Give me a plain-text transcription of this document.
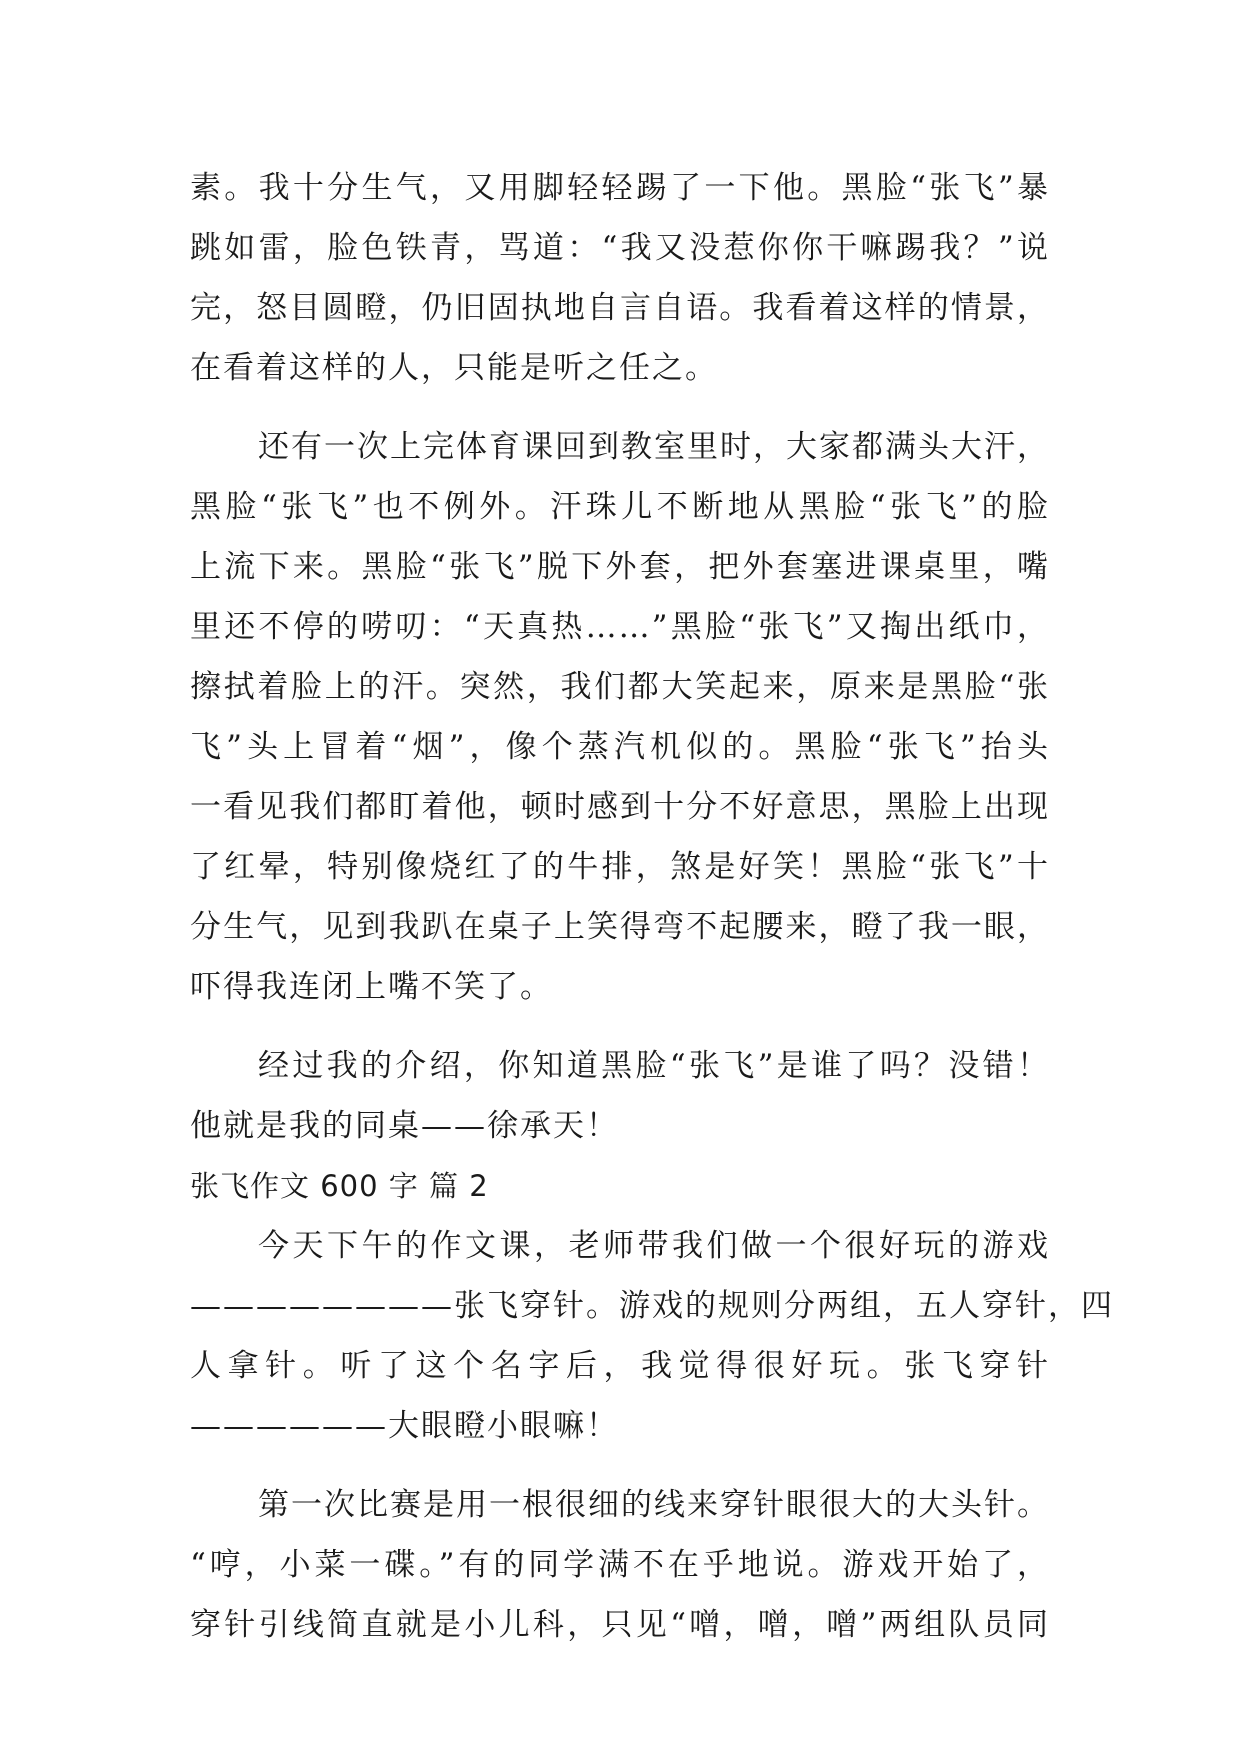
素。我十分生气，又用脚轻轻踢了一下他。黑脸“张飞”暴
跳如雷，脸色铁青，骂道：“我又没惹你你干嘛踢我？”说
完，怒目圆瞪，仍旧固执地自言自语。我看着这样的情景，
在看着这样的人，只能是听之任之。
还有一次上完体育课回到教室里时，大家都满头大汗，
黑脸“张飞”也不例外。汗珠儿不断地从黑脸“张飞”的脸
上流下来。黑脸“张飞”脱下外套，把外套塞进课桌里，嘴
里还不停的唠叨：“天真热……”黑脸“张飞”又掏出纸巾，
擦拭着脸上的汗。突然，我们都大笑起来，原来是黑脸“张
飞”头上冒着“烟”，像个蒸汽机似的。黑脸“张飞”抬头
一看见我们都盯着他，顿时感到十分不好意思，黑脸上出现
了红晕，特别像烧红了的牛排，煞是好笑！黑脸“张飞”十
分生气，见到我趴在桌子上笑得弯不起腰来，瞪了我一眼，
吓得我连闭上嘴不笑了。
经过我的介绍，你知道黑脸“张飞”是谁了吗？没错！
他就是我的同桌——徐承天！
张飞作文 600 字 篇 2
今天下午的作文课，老师带我们做一个很好玩的游戏
————————张飞穿针。游戏的规则分两组，五人穿针，四
人拿针。听了这个名字后，我觉得很好玩。张飞穿针
——————大眼瞪小眼嘛！
第一次比赛是用一根很细的线来穿针眼很大的大头针。
“哼，小菜一碟。”有的同学满不在乎地说。游戏开始了，
穿针引线简直就是小儿科，只见“噌，噌，噌”两组队员同
